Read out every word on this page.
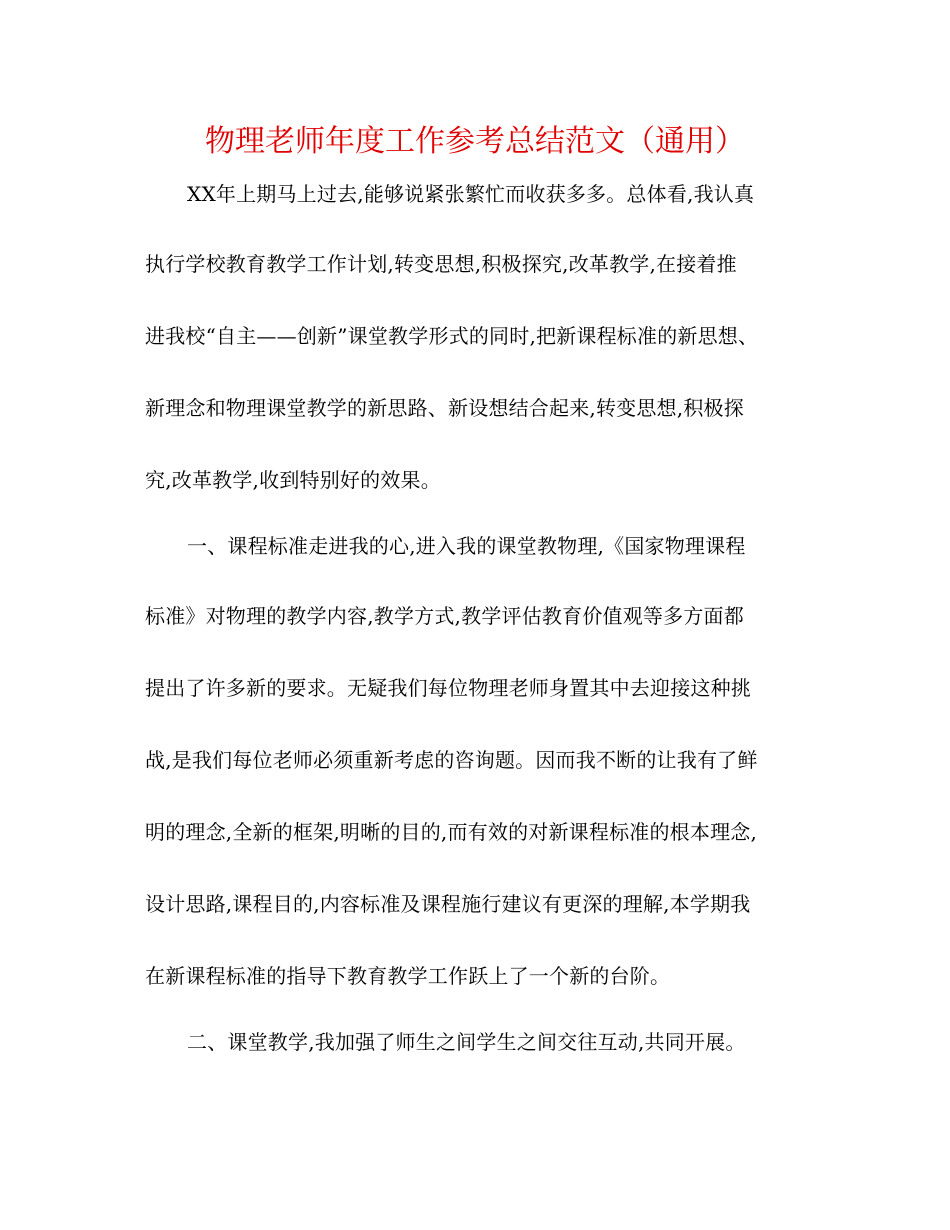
物理老师年度工作参考总结范文（通用）
XX年上期马上过去,能够说紧张繁忙而收获多多。总体看,我认真
执行学校教育教学工作计划,转变思想,积极探究,改革教学,在接着推
进我校“自主——创新”课堂教学形式的同时,把新课程标准的新思想、
新理念和物理课堂教学的新思路、新设想结合起来,转变思想,积极探
究,改革教学,收到特别好的效果。
一、课程标准走进我的心,进入我的课堂教物理,《国家物理课程
标准》对物理的教学内容,教学方式,教学评估教育价值观等多方面都
提出了许多新的要求。无疑我们每位物理老师身置其中去迎接这种挑
战,是我们每位老师必须重新考虑的咨询题。因而我不断的让我有了鲜
明的理念,全新的框架,明晰的目的,而有效的对新课程标准的根本理念,
设计思路,课程目的,内容标准及课程施行建议有更深的理解,本学期我
在新课程标准的指导下教育教学工作跃上了一个新的台阶。
二、课堂教学,我加强了师生之间学生之间交往互动,共同开展。
